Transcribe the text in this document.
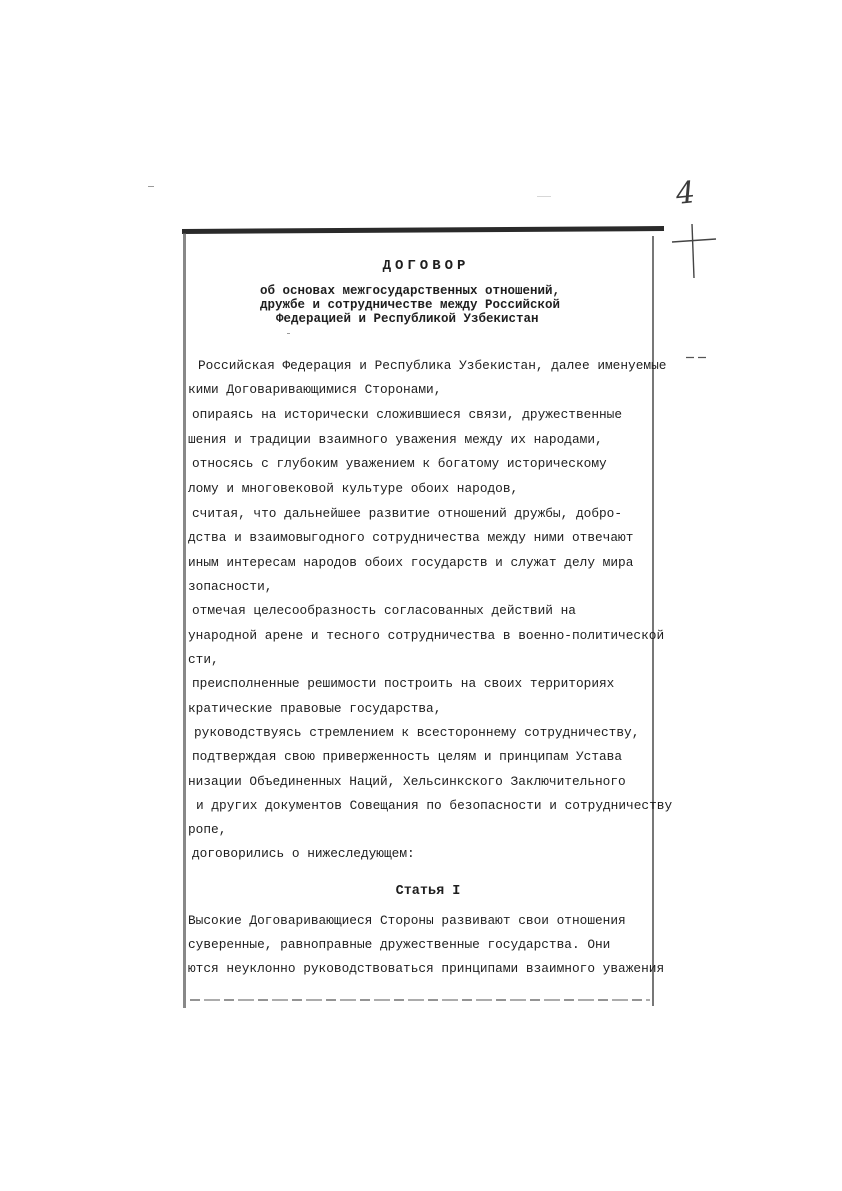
4
ДОГОВОР
об основах межгосударственных отношений,
дружбе и сотрудничестве между Российской
Федерацией и Республикой Узбекистан
Российская Федерация и Республика Узбекистан, далее именуемые
кими Договаривающимися Сторонами,
опираясь на исторически сложившиеся связи, дружественные
шения и традиции взаимного уважения между их народами,
относясь с глубоким уважением к богатому историческому
лому и многовековой культуре обоих народов,
считая, что дальнейшее развитие отношений дружбы, добро-
дства и взаимовыгодного сотрудничества между ними отвечают
иным интересам народов обоих государств и служат делу мира
зопасности,
отмечая целесообразность согласованных действий на
ународной арене и тесного сотрудничества в военно-политической
сти,
преисполненные решимости построить на своих территориях
кратические правовые государства,
руководствуясь стремлением к всестороннему сотрудничеству,
подтверждая свою приверженность целям и принципам Устава
низации Объединенных Наций, Хельсинкского Заключительного
и других документов Совещания по безопасности и сотрудничеству
ропе,
договорились о нижеследующем:
Статья I
Высокие Договаривающиеся Стороны развивают свои отношения
суверенные, равноправные дружественные государства. Они
ются неуклонно руководствоваться принципами взаимного уважения
